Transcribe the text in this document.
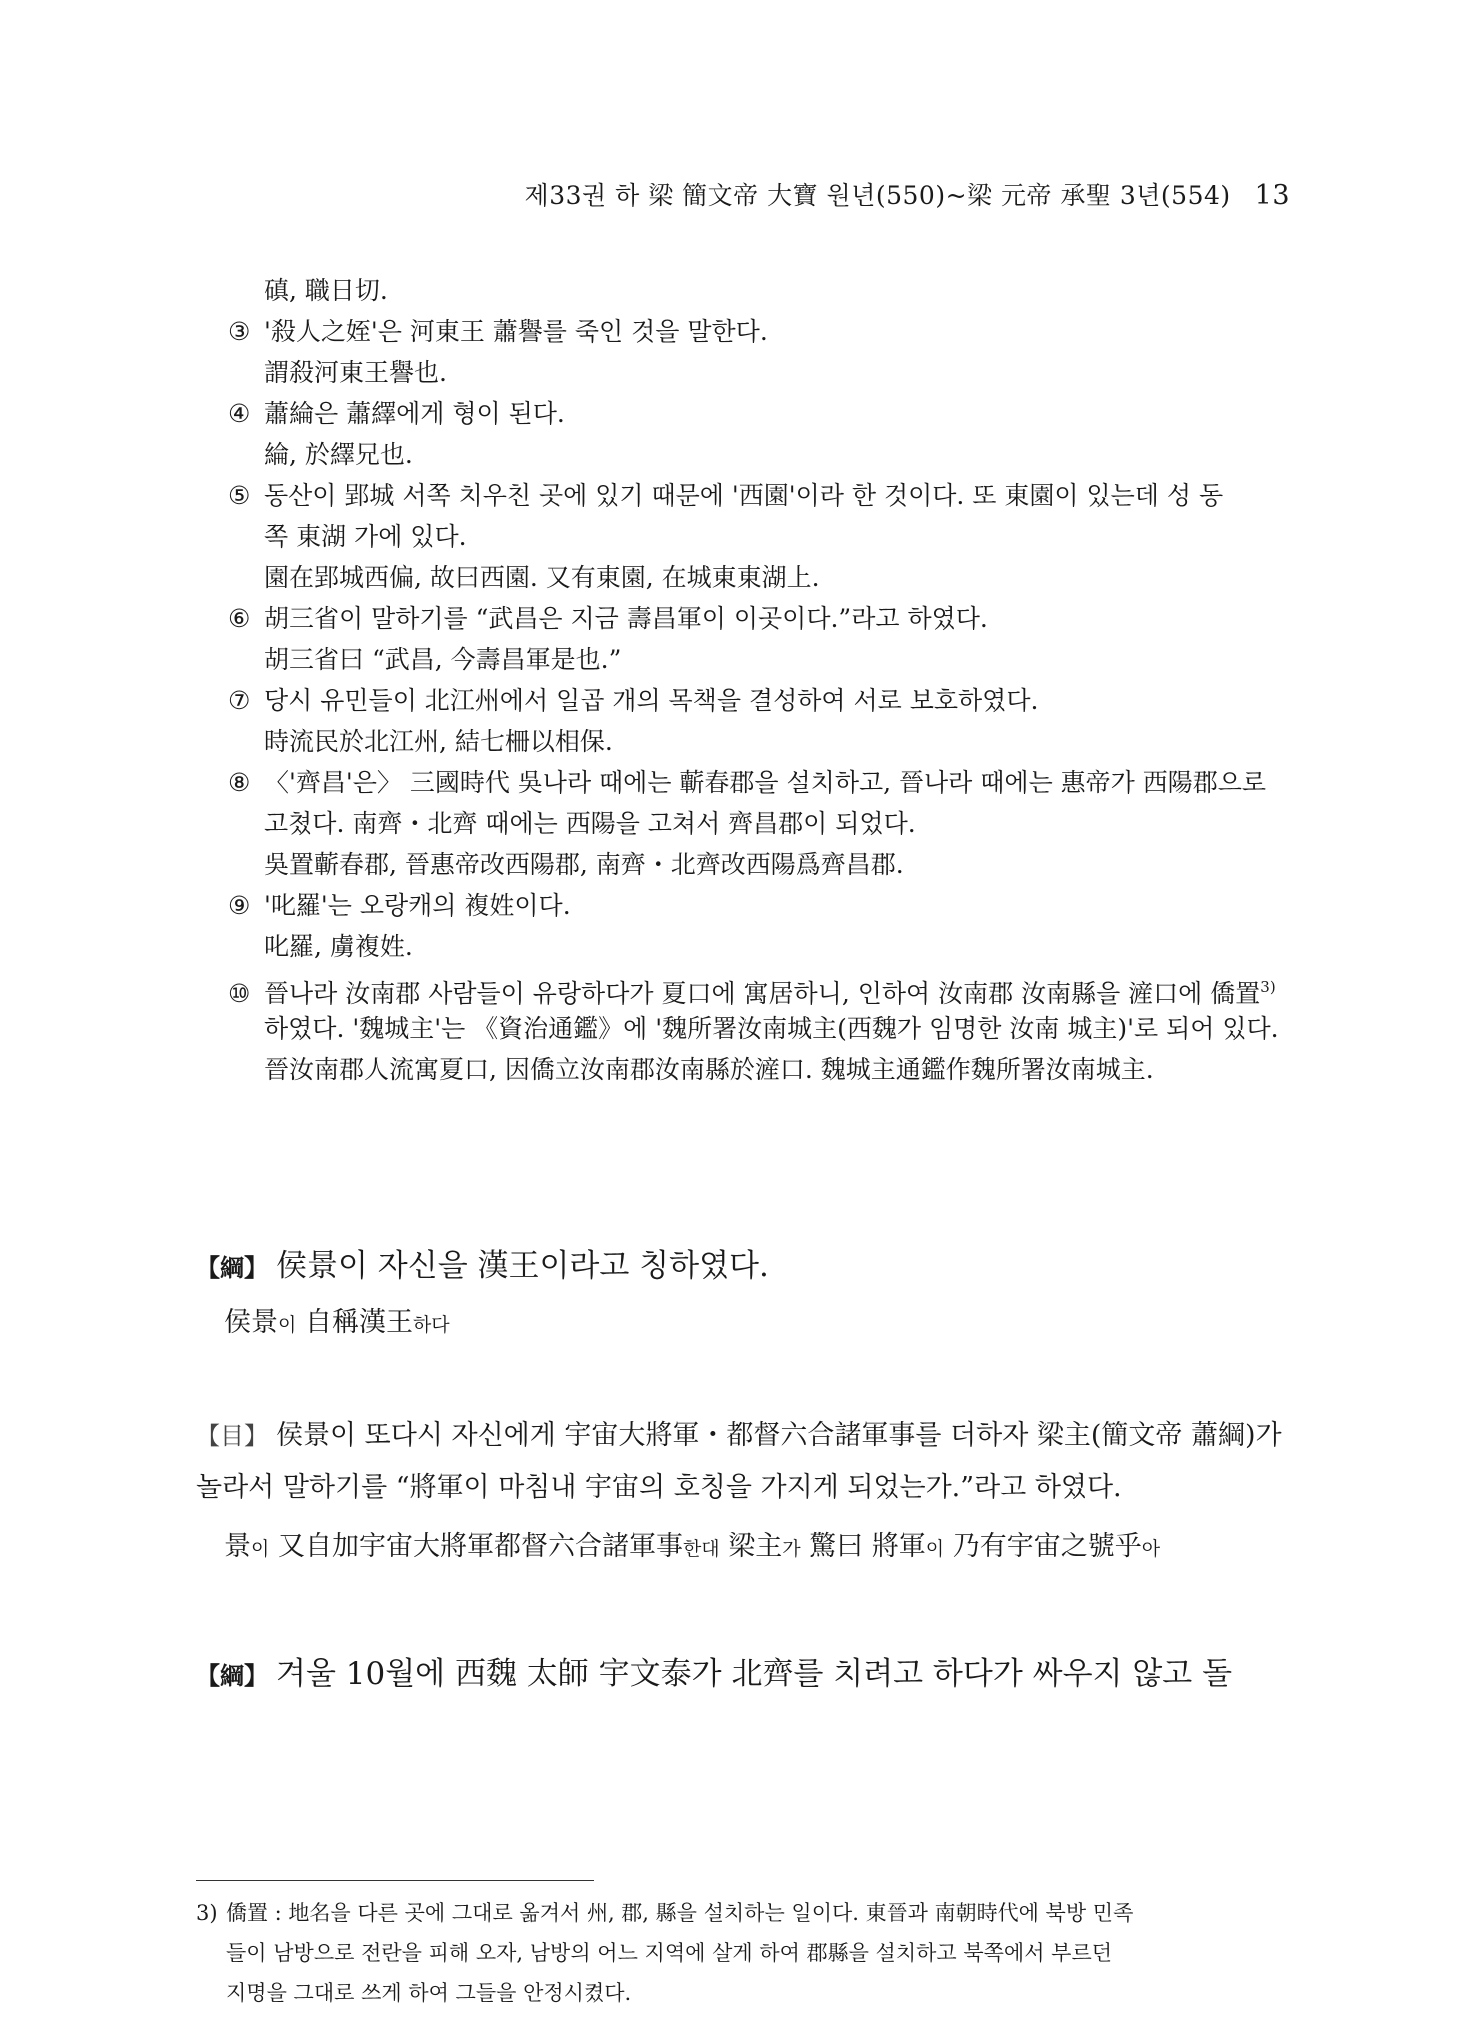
제33권 하 梁 簡文帝 大寶 원년(550)~梁 元帝 承聖 3년(554) 13
磌, 職日切.
③ '殺人之姪'은 河東王 蕭譽를 죽인 것을 말한다.
謂殺河東王譽也.
④ 蕭綸은 蕭繹에게 형이 된다.
綸, 於繹兄也.
⑤ 동산이 郢城 서쪽 치우친 곳에 있기 때문에 '西園'이라 한 것이다. 또 東園이 있는데 성 동
쪽 東湖 가에 있다.
園在郢城西偏, 故曰西園. 又有東園, 在城東東湖上.
⑥ 胡三省이 말하기를 “武昌은 지금 壽昌軍이 이곳이다.”라고 하였다.
胡三省曰 “武昌, 今壽昌軍是也.”
⑦ 당시 유민들이 北江州에서 일곱 개의 목책을 결성하여 서로 보호하였다.
時流民於北江州, 結七柵以相保.
⑧ 〈'齊昌'은〉 三國時代 吳나라 때에는 蘄春郡을 설치하고, 晉나라 때에는 惠帝가 西陽郡으로
고쳤다. 南齊・北齊 때에는 西陽을 고쳐서 齊昌郡이 되었다.
吳置蘄春郡, 晉惠帝改西陽郡, 南齊・北齊改西陽爲齊昌郡.
⑨ '叱羅'는 오랑캐의 複姓이다.
叱羅, 虜複姓.
⑩ 晉나라 汝南郡 사람들이 유랑하다가 夏口에 寓居하니, 인하여 汝南郡 汝南縣을 滻口에 僑置$^{3)}$
하였다. '魏城主'는 《資治通鑑》에 '魏所署汝南城主(西魏가 임명한 汝南 城主)'로 되어 있다.
晉汝南郡人流寓夏口, 因僑立汝南郡汝南縣於滻口. 魏城主通鑑作魏所署汝南城主.
【綱】 侯景이 자신을 漢王이라고 칭하였다.
侯景이 自稱漢王하다
【目】 侯景이 또다시 자신에게 宇宙大將軍・都督六合諸軍事를 더하자 梁主(簡文帝 蕭綱)가
놀라서 말하기를 “將軍이 마침내 宇宙의 호칭을 가지게 되었는가.”라고 하였다.
景이 又自加宇宙大將軍都督六合諸軍事한대 梁主가 驚曰 將軍이 乃有宇宙之號乎아
【綱】 겨울 10월에 西魏 太師 宇文泰가 北齊를 치려고 하다가 싸우지 않고 돌
3) 僑置 : 地名을 다른 곳에 그대로 옮겨서 州, 郡, 縣을 설치하는 일이다. 東晉과 南朝時代에 북방 민족
들이 남방으로 전란을 피해 오자, 남방의 어느 지역에 살게 하여 郡縣을 설치하고 북쪽에서 부르던
지명을 그대로 쓰게 하여 그들을 안정시켰다.
